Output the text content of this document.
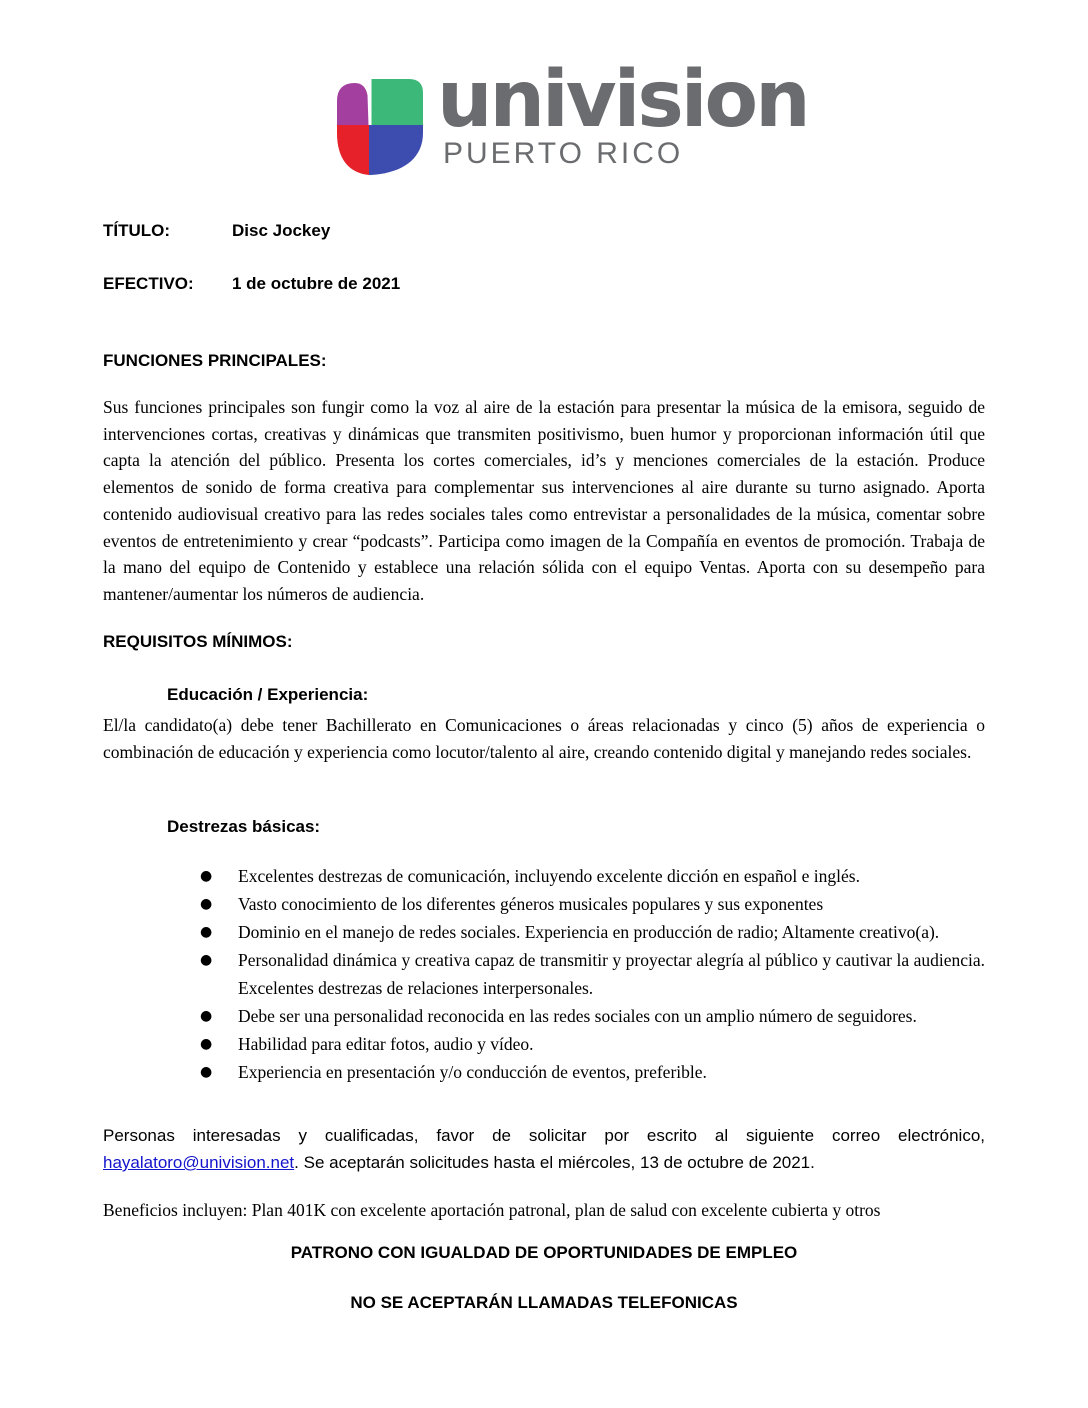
univision
PUERTO RICO
TÍTULO:	Disc Jockey
EFECTIVO:	1 de octubre de 2021
FUNCIONES PRINCIPALES:
Sus funciones principales son fungir como la voz al aire de la estación para presentar la música de la emisora, seguido de intervenciones cortas, creativas y dinámicas que transmiten positivismo, buen humor y proporcionan información útil que capta la atención del público. Presenta los cortes comerciales, id’s y menciones comerciales de la estación. Produce elementos de sonido de forma creativa para complementar sus intervenciones al aire durante su turno asignado. Aporta contenido audiovisual creativo para las redes sociales tales como entrevistar a personalidades de la música, comentar sobre eventos de entretenimiento y crear “podcasts”. Participa como imagen de la Compañía en eventos de promoción. Trabaja de la mano del equipo de Contenido y establece una relación sólida con el equipo Ventas. Aporta con su desempeño para mantener/aumentar los números de audiencia.
REQUISITOS MÍNIMOS:
Educación / Experiencia:
El/la candidato(a) debe tener Bachillerato en Comunicaciones o áreas relacionadas y cinco (5) años de experiencia o combinación de educación y experiencia como locutor/talento al aire, creando contenido digital y manejando redes sociales.
Destrezas básicas:
● Excelentes destrezas de comunicación, incluyendo excelente dicción en español e inglés.
● Vasto conocimiento de los diferentes géneros musicales populares y sus exponentes
● Dominio en el manejo de redes sociales. Experiencia en producción de radio; Altamente creativo(a).
● Personalidad dinámica y creativa capaz de transmitir y proyectar alegría al público y cautivar la audiencia. Excelentes destrezas de relaciones interpersonales.
● Debe ser una personalidad reconocida en las redes sociales con un amplio número de seguidores.
● Habilidad para editar fotos, audio y vídeo.
● Experiencia en presentación y/o conducción de eventos, preferible.
Personas interesadas y cualificadas, favor de solicitar por escrito al siguiente correo electrónico, hayalatoro@univision.net. Se aceptarán solicitudes hasta el miércoles, 13 de octubre de 2021.
Beneficios incluyen: Plan 401K con excelente aportación patronal, plan de salud con excelente cubierta y otros
PATRONO CON IGUALDAD DE OPORTUNIDADES DE EMPLEO
NO SE ACEPTARÁN LLAMADAS TELEFONICAS
